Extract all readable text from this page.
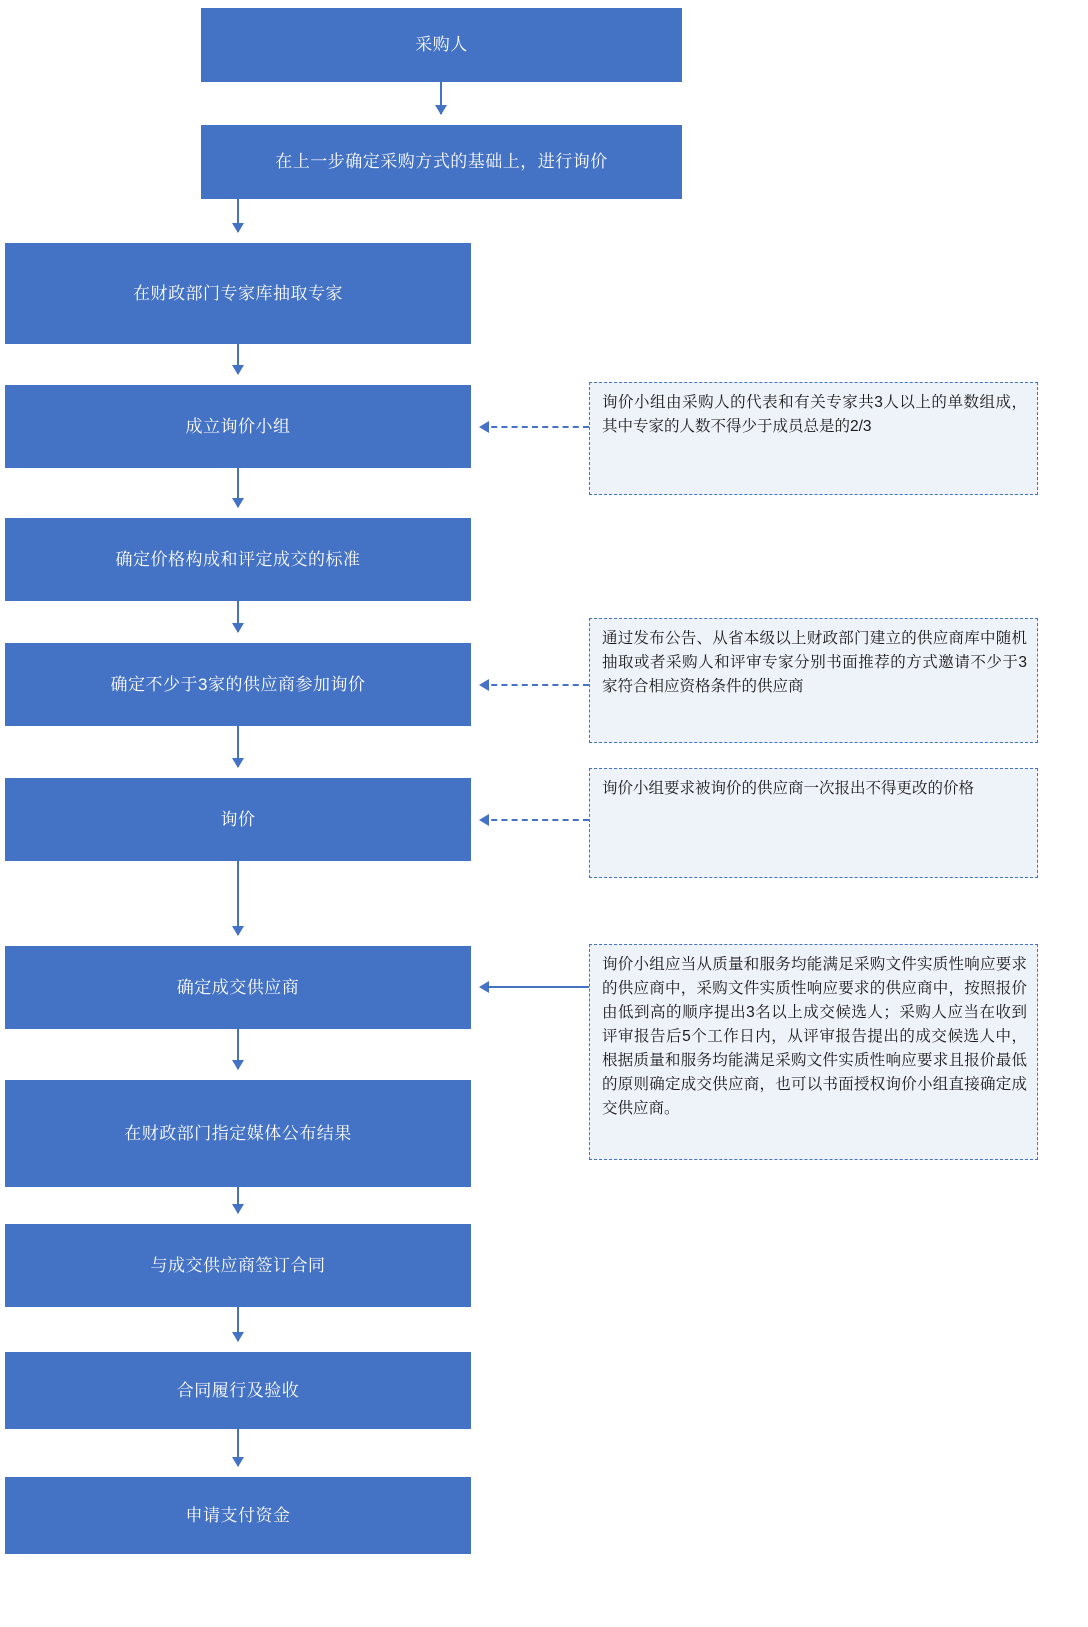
采购人
在上一步确定采购方式的基础上，进行询价
在财政部门专家库抽取专家
成立询价小组
确定价格构成和评定成交的标准
确定不少于3家的供应商参加询价
询价
确定成交供应商
在财政部门指定媒体公布结果
与成交供应商签订合同
合同履行及验收
申请支付资金
询价小组由采购人的代表和有关专家共3人以上的单数组成，其中专家的人数不得少于成员总是的2/3
通过发布公告、从省本级以上财政部门建立的供应商库中随机抽取或者采购人和评审专家分别书面推荐的方式邀请不少于3家符合相应资格条件的供应商
询价小组要求被询价的供应商一次报出不得更改的价格
询价小组应当从质量和服务均能满足采购文件实质性响应要求的供应商中，采购文件实质性响应要求的供应商中，按照报价由低到高的顺序提出3名以上成交候选人；采购人应当在收到评审报告后5个工作日内，从评审报告提出的成交候选人中，根据质量和服务均能满足采购文件实质性响应要求且报价最低的原则确定成交供应商，也可以书面授权询价小组直接确定成交供应商。
